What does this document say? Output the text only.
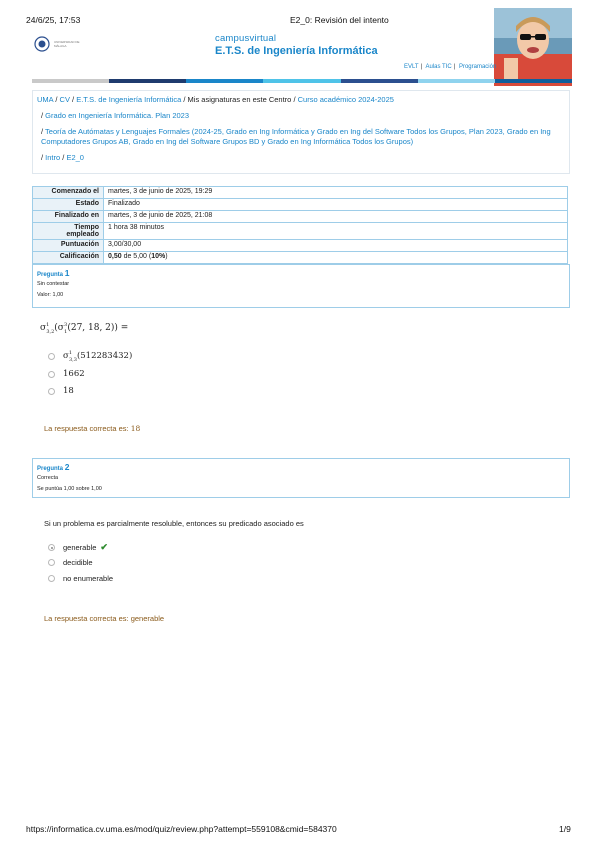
24/6/25, 17:53	E2_0: Revisión del intento
UNIVERSIDAD DE MÁLAGA
campusvirtual
E.T.S. de Ingeniería Informática
EVLT | Aulas TIC | Programación
UMA / CV / E.T.S. de Ingeniería Informática / Mis asignaturas en este Centro / Curso académico 2024-2025
/ Grado en Ingeniería Informática. Plan 2023
/ Teoría de Autómatas y Lenguajes Formales (2024-25, Grado en Ing Informática y Grado en Ing del Software Todos los Grupos, Plan 2023, Grado en Ing
Computadores Grupos AB, Grado en Ing del Software Grupos BD y Grado en Ing Informática Todos los Grupos)
/ Intro / E2_0
Comenzado el	martes, 3 de junio de 2025, 19:29
Estado	Finalizado
Finalizado en	martes, 3 de junio de 2025, 21:08
Tiempo
empleado	1 hora 38 minutos
Puntuación	3,00/30,00
Calificación	0,50 de 5,00 (10%)
Pregunta 1
Sin contestar
Valor: 1,00
$\sigma^1_{3,2}(\sigma^3_1(27$, 18, 2)) =
$\sigma^1_{3,3}(512283432)$
1662
18
La respuesta correcta es: 18
Pregunta 2
Correcta
Se puntúa 1,00 sobre 1,00
Si un problema es parcialmente resoluble, entonces su predicado asociado es
generable ✔
decidible
no enumerable
La respuesta correcta es: generable
https://informatica.cv.uma.es/mod/quiz/review.php?attempt=559108&cmid=584370	1/9
